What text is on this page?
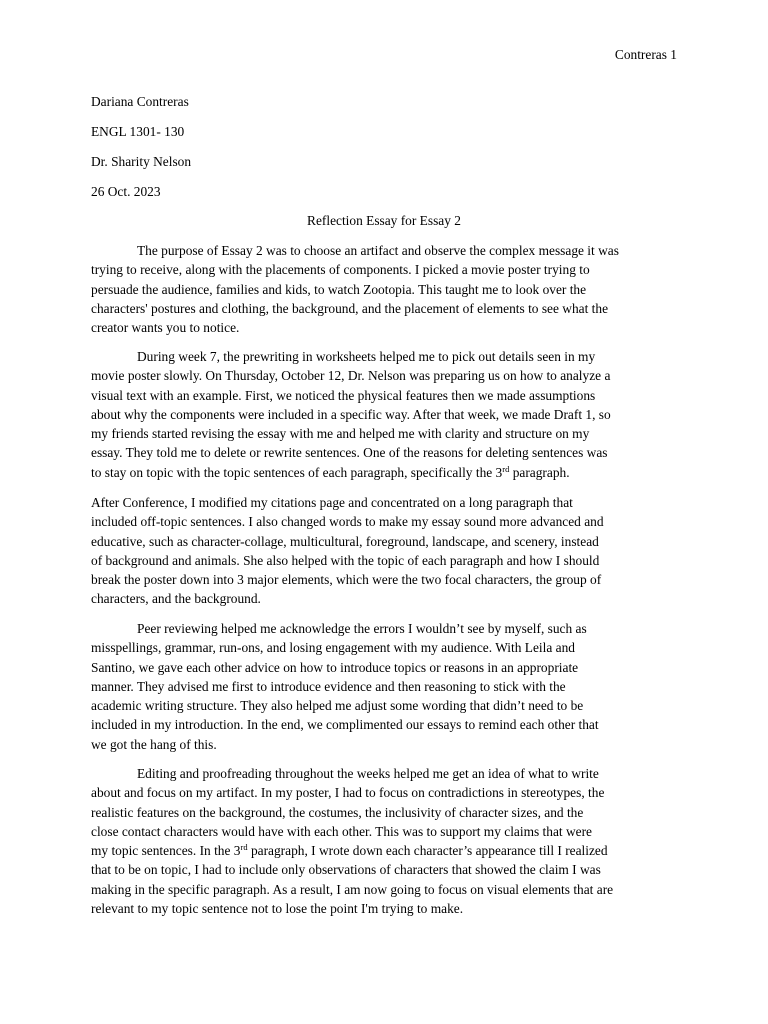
Contreras 1
Dariana Contreras
ENGL 1301- 130
Dr. Sharity Nelson
26 Oct. 2023
Reflection Essay for Essay 2
The purpose of Essay 2 was to choose an artifact and observe the complex message it was
trying to receive, along with the placements of components. I picked a movie poster trying to
persuade the audience, families and kids, to watch Zootopia. This taught me to look over the
characters' postures and clothing, the background, and the placement of elements to see what the
creator wants you to notice.
During week 7, the prewriting in worksheets helped me to pick out details seen in my
movie poster slowly. On Thursday, October 12, Dr. Nelson was preparing us on how to analyze a
visual text with an example. First, we noticed the physical features then we made assumptions
about why the components were included in a specific way. After that week, we made Draft 1, so
my friends started revising the essay with me and helped me with clarity and structure on my
essay. They told me to delete or rewrite sentences. One of the reasons for deleting sentences was
to stay on topic with the topic sentences of each paragraph, specifically the 3rd paragraph.
After Conference, I modified my citations page and concentrated on a long paragraph that
included off-topic sentences. I also changed words to make my essay sound more advanced and
educative, such as character-collage, multicultural, foreground, landscape, and scenery, instead
of background and animals. She also helped with the topic of each paragraph and how I should
break the poster down into 3 major elements, which were the two focal characters, the group of
characters, and the background.
Peer reviewing helped me acknowledge the errors I wouldn’t see by myself, such as
misspellings, grammar, run-ons, and losing engagement with my audience. With Leila and
Santino, we gave each other advice on how to introduce topics or reasons in an appropriate
manner. They advised me first to introduce evidence and then reasoning to stick with the
academic writing structure. They also helped me adjust some wording that didn’t need to be
included in my introduction. In the end, we complimented our essays to remind each other that
we got the hang of this.
Editing and proofreading throughout the weeks helped me get an idea of what to write
about and focus on my artifact. In my poster, I had to focus on contradictions in stereotypes, the
realistic features on the background, the costumes, the inclusivity of character sizes, and the
close contact characters would have with each other. This was to support my claims that were
my topic sentences. In the 3rd paragraph, I wrote down each character’s appearance till I realized
that to be on topic, I had to include only observations of characters that showed the claim I was
making in the specific paragraph. As a result, I am now going to focus on visual elements that are
relevant to my topic sentence not to lose the point I'm trying to make.
